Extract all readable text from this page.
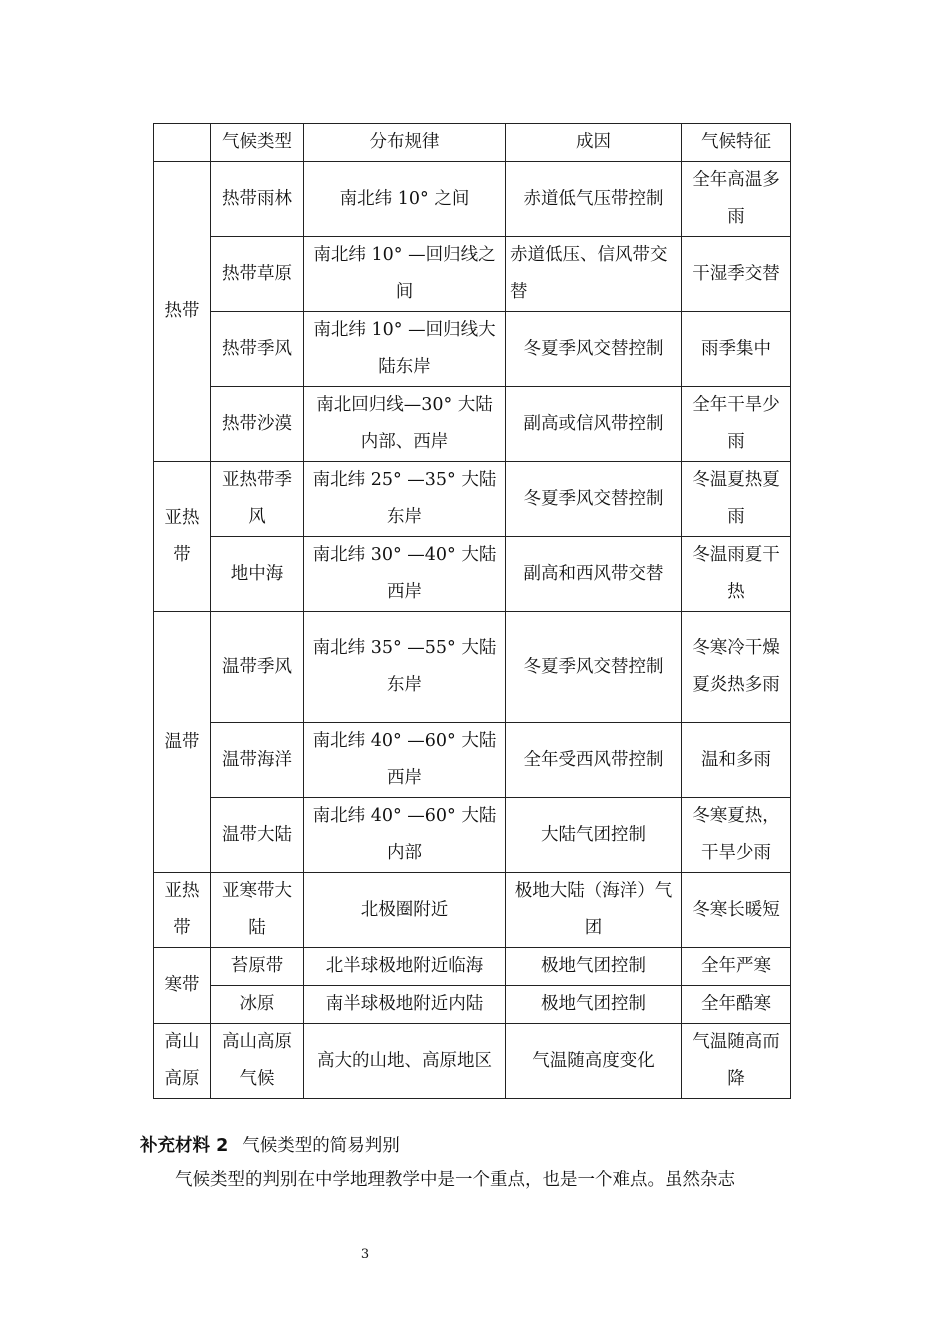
	气候类型	分布规律	成因	气候特征
热带	热带雨林	南北纬 10° 之间	赤道低气压带控制	全年高温多雨
	热带草原	南北纬 10° —回归线之间	赤道低压、信风带交替	干湿季交替
	热带季风	南北纬 10° —回归线大陆东岸	冬夏季风交替控制	雨季集中
	热带沙漠	南北回归线—30° 大陆内部、西岸	副高或信风带控制	全年干旱少雨
亚热带	亚热带季风	南北纬 25° —35° 大陆东岸	冬夏季风交替控制	冬温夏热夏雨
	地中海	南北纬 30° —40° 大陆西岸	副高和西风带交替	冬温雨夏干热
温带	温带季风	南北纬 35° —55° 大陆东岸	冬夏季风交替控制	冬寒冷干燥夏炎热多雨
	温带海洋	南北纬 40° —60° 大陆西岸	全年受西风带控制	温和多雨
	温带大陆	南北纬 40° —60° 大陆内部	大陆气团控制	冬寒夏热，干旱少雨
亚热带	亚寒带大陆	北极圈附近	极地大陆（海洋）气团	冬寒长暖短
寒带	苔原带	北半球极地附近临海	极地气团控制	全年严寒
	冰原	南半球极地附近内陆	极地气团控制	全年酷寒
高山高原	高山高原气候	高大的山地、高原地区	气温随高度变化	气温随高而降
补充材料 2 气候类型的简易判别
气候类型的判别在中学地理教学中是一个重点，也是一个难点。虽然杂志
3
